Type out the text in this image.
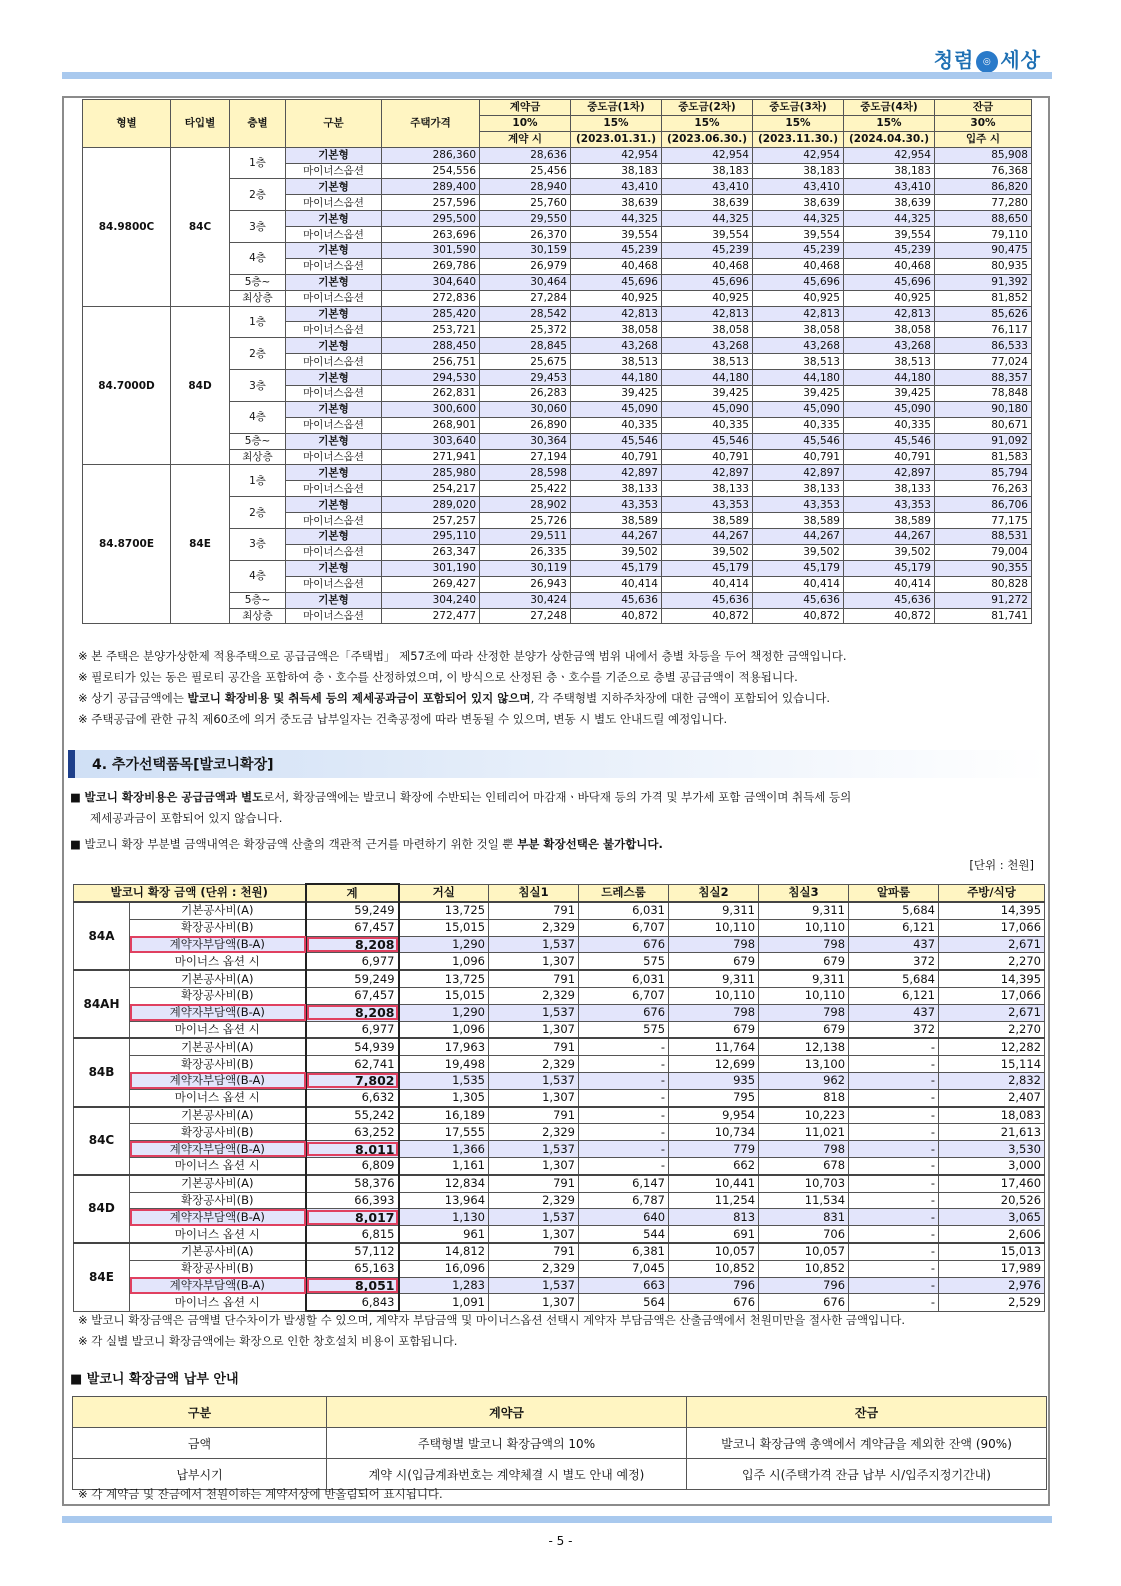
청렴 ◎ 세상
형별	타입별	층별	구분	주택가격	계약금	중도금(1차)	중도금(2차)	중도금(3차)	중도금(4차)	잔금
					10%	15%	15%	15%	15%	30%
					계약 시	(2023.01.31.)	(2023.06.30.)	(2023.11.30.)	(2024.04.30.)	입주 시
84.9800C	84C	1층	기본형	286,360	28,636	42,954	42,954	42,954	42,954	85,908
			마이너스옵션	254,556	25,456	38,183	38,183	38,183	38,183	76,368
		2층	기본형	289,400	28,940	43,410	43,410	43,410	43,410	86,820
			마이너스옵션	257,596	25,760	38,639	38,639	38,639	38,639	77,280
		3층	기본형	295,500	29,550	44,325	44,325	44,325	44,325	88,650
			마이너스옵션	263,696	26,370	39,554	39,554	39,554	39,554	79,110
		4층	기본형	301,590	30,159	45,239	45,239	45,239	45,239	90,475
			마이너스옵션	269,786	26,979	40,468	40,468	40,468	40,468	80,935
		5층~	기본형	304,640	30,464	45,696	45,696	45,696	45,696	91,392
		최상층	마이너스옵션	272,836	27,284	40,925	40,925	40,925	40,925	81,852
84.7000D	84D	1층	기본형	285,420	28,542	42,813	42,813	42,813	42,813	85,626
			마이너스옵션	253,721	25,372	38,058	38,058	38,058	38,058	76,117
		2층	기본형	288,450	28,845	43,268	43,268	43,268	43,268	86,533
			마이너스옵션	256,751	25,675	38,513	38,513	38,513	38,513	77,024
		3층	기본형	294,530	29,453	44,180	44,180	44,180	44,180	88,357
			마이너스옵션	262,831	26,283	39,425	39,425	39,425	39,425	78,848
		4층	기본형	300,600	30,060	45,090	45,090	45,090	45,090	90,180
			마이너스옵션	268,901	26,890	40,335	40,335	40,335	40,335	80,671
		5층~	기본형	303,640	30,364	45,546	45,546	45,546	45,546	91,092
		최상층	마이너스옵션	271,941	27,194	40,791	40,791	40,791	40,791	81,583
84.8700E	84E	1층	기본형	285,980	28,598	42,897	42,897	42,897	42,897	85,794
			마이너스옵션	254,217	25,422	38,133	38,133	38,133	38,133	76,263
		2층	기본형	289,020	28,902	43,353	43,353	43,353	43,353	86,706
			마이너스옵션	257,257	25,726	38,589	38,589	38,589	38,589	77,175
		3층	기본형	295,110	29,511	44,267	44,267	44,267	44,267	88,531
			마이너스옵션	263,347	26,335	39,502	39,502	39,502	39,502	79,004
		4층	기본형	301,190	30,119	45,179	45,179	45,179	45,179	90,355
			마이너스옵션	269,427	26,943	40,414	40,414	40,414	40,414	80,828
		5층~	기본형	304,240	30,424	45,636	45,636	45,636	45,636	91,272
		최상층	마이너스옵션	272,477	27,248	40,872	40,872	40,872	40,872	81,741
※ 본 주택은 분양가상한제 적용주택으로 공급금액은「주택법」 제57조에 따라 산정한 분양가 상한금액 범위 내에서 층별 차등을 두어 책정한 금액입니다.
※ 필로티가 있는 동은 필로티 공간을 포함하여 층ㆍ호수를 산정하였으며, 이 방식으로 산정된 층ㆍ호수를 기준으로 층별 공급금액이 적용됩니다.
※ 상기 공급금액에는 발코니 확장비용 및 취득세 등의 제세공과금이 포함되어 있지 않으며, 각 주택형별 지하주차장에 대한 금액이 포함되어 있습니다.
※ 주택공급에 관한 규칙 제60조에 의거 중도금 납부일자는 건축공정에 따라 변동될 수 있으며, 변동 시 별도 안내드릴 예정입니다.
4. 추가선택품목[발코니확장]
■ 발코니 확장비용은 공급금액과 별도로서, 확장금액에는 발코니 확장에 수반되는 인테리어 마감재ㆍ바닥재 등의 가격 및 부가세 포함 금액이며 취득세 등의
제세공과금이 포함되어 있지 않습니다.
■ 발코니 확장 부분별 금액내역은 확장금액 산출의 객관적 근거를 마련하기 위한 것일 뿐 부분 확장선택은 불가합니다.
[단위 : 천원]
발코니 확장 금액 (단위 : 천원)		계	거실	침실1	드레스룸	침실2	침실3	알파룸	주방/식당
84A	기본공사비(A)	59,249	13,725	791	6,031	9,311	9,311	5,684	14,395
	확장공사비(B)	67,457	15,015	2,329	6,707	10,110	10,110	6,121	17,066
	계약자부담액(B-A)	8,208	1,290	1,537	676	798	798	437	2,671
	마이너스 옵션 시	6,977	1,096	1,307	575	679	679	372	2,270
84AH	기본공사비(A)	59,249	13,725	791	6,031	9,311	9,311	5,684	14,395
	확장공사비(B)	67,457	15,015	2,329	6,707	10,110	10,110	6,121	17,066
	계약자부담액(B-A)	8,208	1,290	1,537	676	798	798	437	2,671
	마이너스 옵션 시	6,977	1,096	1,307	575	679	679	372	2,270
84B	기본공사비(A)	54,939	17,963	791	-	11,764	12,138	-	12,282
	확장공사비(B)	62,741	19,498	2,329	-	12,699	13,100	-	15,114
	계약자부담액(B-A)	7,802	1,535	1,537	-	935	962	-	2,832
	마이너스 옵션 시	6,632	1,305	1,307	-	795	818	-	2,407
84C	기본공사비(A)	55,242	16,189	791	-	9,954	10,223	-	18,083
	확장공사비(B)	63,252	17,555	2,329	-	10,734	11,021	-	21,613
	계약자부담액(B-A)	8,011	1,366	1,537	-	779	798	-	3,530
	마이너스 옵션 시	6,809	1,161	1,307	-	662	678	-	3,000
84D	기본공사비(A)	58,376	12,834	791	6,147	10,441	10,703	-	17,460
	확장공사비(B)	66,393	13,964	2,329	6,787	11,254	11,534	-	20,526
	계약자부담액(B-A)	8,017	1,130	1,537	640	813	831	-	3,065
	마이너스 옵션 시	6,815	961	1,307	544	691	706	-	2,606
84E	기본공사비(A)	57,112	14,812	791	6,381	10,057	10,057	-	15,013
	확장공사비(B)	65,163	16,096	2,329	7,045	10,852	10,852	-	17,989
	계약자부담액(B-A)	8,051	1,283	1,537	663	796	796	-	2,976
	마이너스 옵션 시	6,843	1,091	1,307	564	676	676	-	2,529
※ 발코니 확장금액은 금액별 단수차이가 발생할 수 있으며, 계약자 부담금액 및 마이너스옵션 선택시 계약자 부담금액은 산출금액에서 천원미만을 절사한 금액입니다.
※ 각 실별 발코니 확장금액에는 확장으로 인한 창호설치 비용이 포함됩니다.
■ 발코니 확장금액 납부 안내
구분	계약금	잔금
금액	주택형별 발코니 확장금액의 10%	발코니 확장금액 총액에서 계약금을 제외한 잔액 (90%)
납부시기	계약 시(입금계좌번호는 계약체결 시 별도 안내 예정)	입주 시(주택가격 잔금 납부 시/입주지정기간내)
※ 각 계약금 및 잔금에서 천원이하는 계약서상에 반올림되어 표시됩니다.
- 5 -
